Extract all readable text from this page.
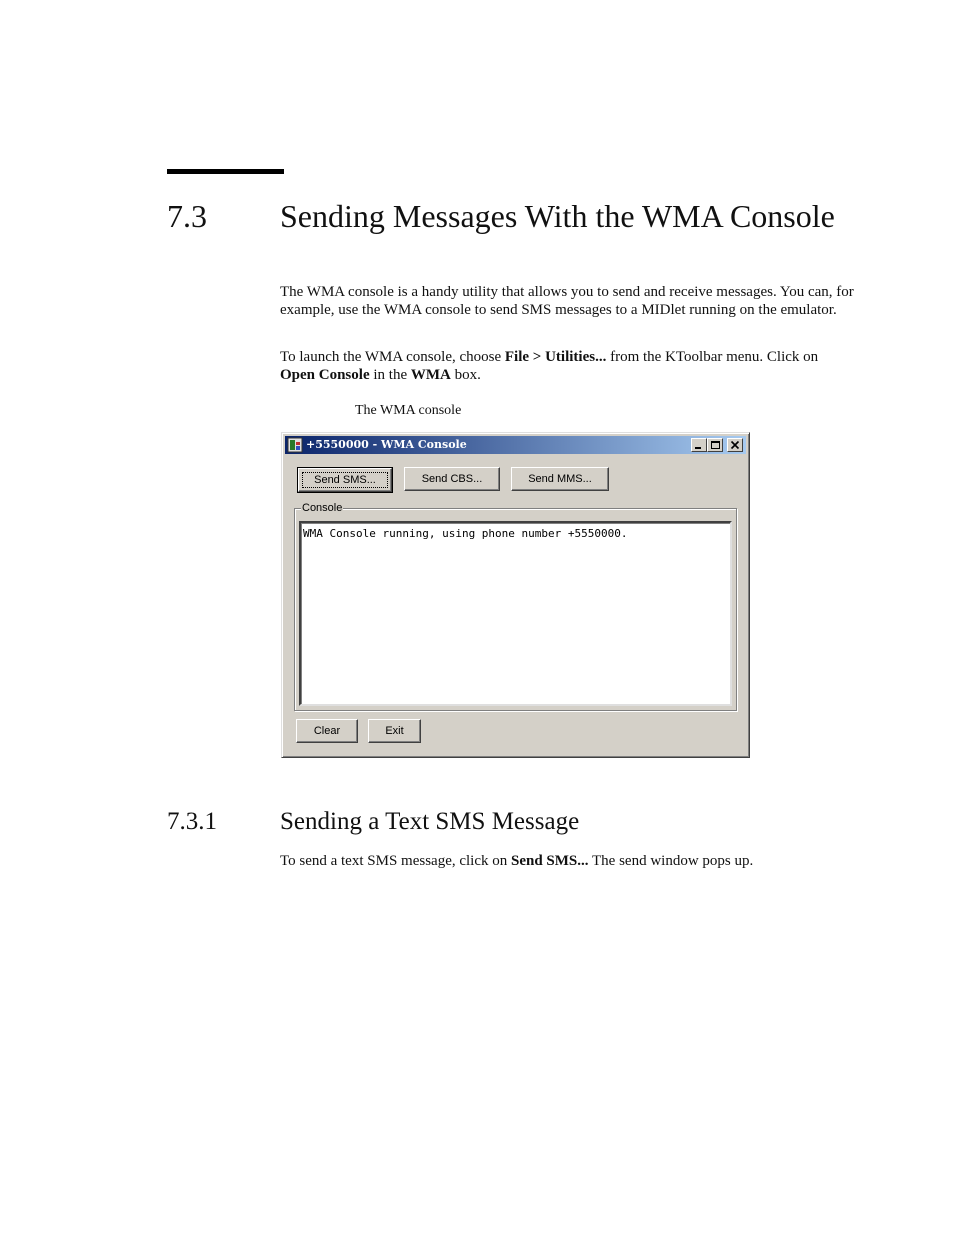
7.3 Sending Messages With the WMA Console

The WMA console is a handy utility that allows you to send and receive messages. You can, for example, use the WMA console to send SMS messages to a MIDlet running on the emulator.

To launch the WMA console, choose File > Utilities... from the KToolbar menu. Click on Open Console in the WMA box.

The WMA console
+5550000 - WMA Console
Send SMS...	Send CBS...	Send MMS...
Console
WMA Console running, using phone number +5550000.
Clear	Exit
7.3.1	Sending a Text SMS Message

To send a text SMS message, click on Send SMS... The send window pops up.
